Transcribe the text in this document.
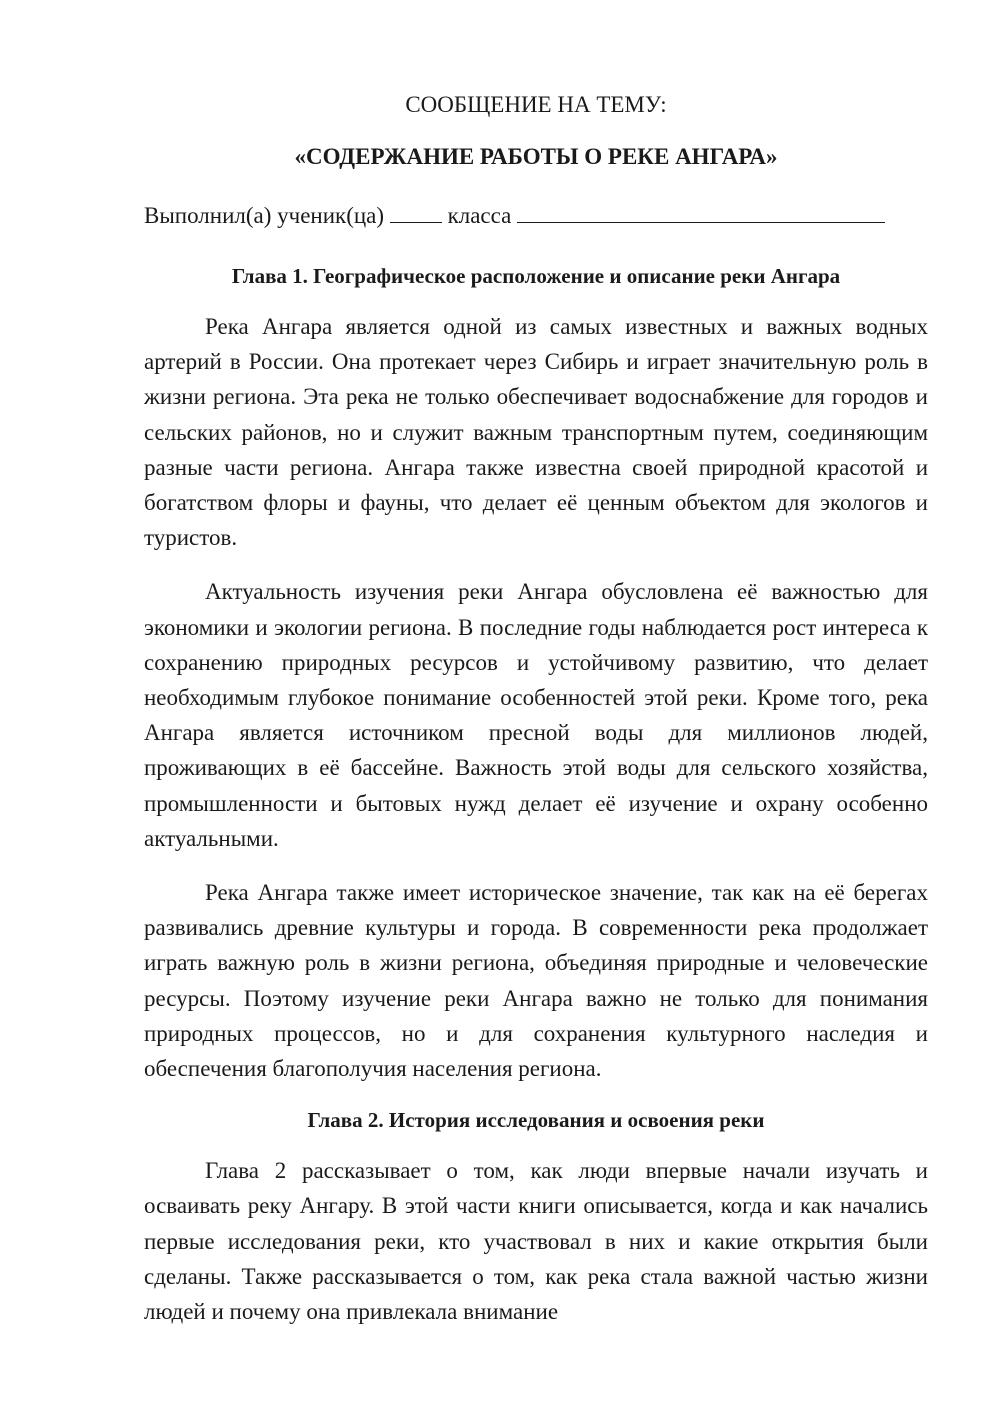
СООБЩЕНИЕ НА ТЕМУ:

«СОДЕРЖАНИЕ РАБОТЫ О РЕКЕ АНГАРА»

Выполнил(а) ученик(ца)	класса

Глава 1. Географическое расположение и описание реки Ангара

Река Ангара является одной из самых известных и важных водных артерий в России. Она протекает через Сибирь и играет значительную роль в жизни региона. Эта река не только обеспечивает водоснабжение для городов и сельских районов, но и служит важным транспортным путем, соединяющим разные части региона. Ангара также известна своей природной красотой и богатством флоры и фауны, что делает её ценным объектом для экологов и туристов.

Актуальность изучения реки Ангара обусловлена её важностью для экономики и экологии региона. В последние годы наблюдается рост интереса к сохранению природных ресурсов и устойчивому развитию, что делает необходимым глубокое понимание особенностей этой реки. Кроме того, река Ангара является источником пресной воды для миллионов людей, проживающих в её бассейне. Важность этой воды для сельского хозяйства, промышленности и бытовых нужд делает её изучение и охрану особенно актуальными.

Река Ангара также имеет историческое значение, так как на её берегах развивались древние культуры и города. В современности река продолжает играть важную роль в жизни региона, объединяя природные и человеческие ресурсы. Поэтому изучение реки Ангара важно не только для понимания природных процессов, но и для сохранения культурного наследия и обеспечения благополучия населения региона.

Глава 2. История исследования и освоения реки

Глава 2 рассказывает о том, как люди впервые начали изучать и осваивать реку Ангару. В этой части книги описывается, когда и как начались первые исследования реки, кто участвовал в них и какие открытия были сделаны. Также рассказывается о том, как река стала важной частью жизни людей и почему она привлекала внимание
